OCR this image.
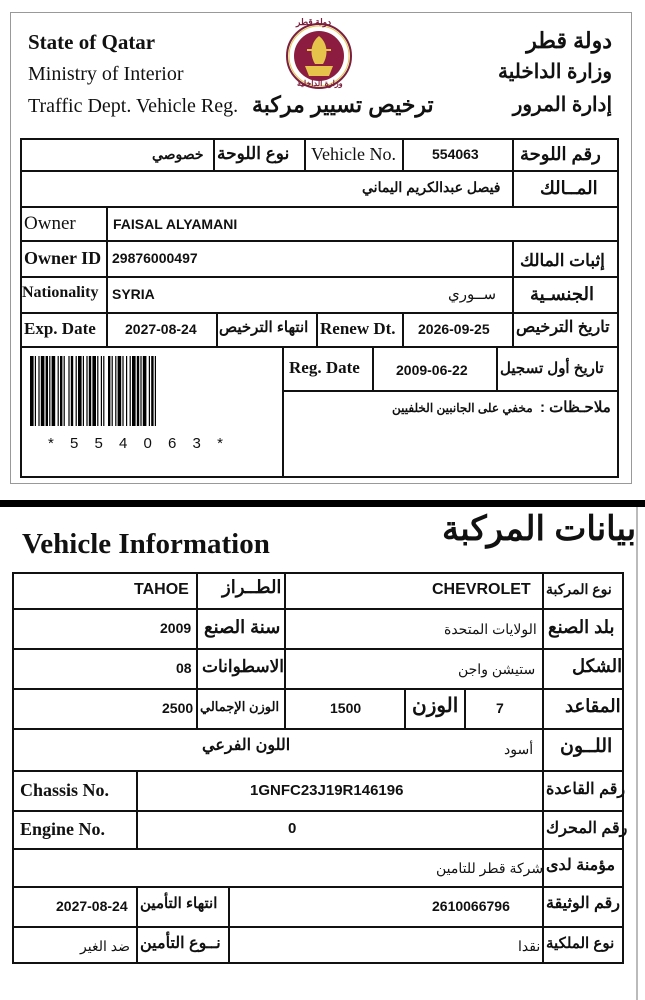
State of Qatar
Ministry of Interior
Traffic Dept. Vehicle Reg. ترخيص تسيير مركبة
دولة قطر
وزارة الداخلية
دولة قطر
وزارة الداخلية
إدارة المرور
خصوصي نوع اللوحة Vehicle No.	554063 رقم اللوحة
فيصل عبدالكريم اليماني المــالك
Owner	FAISAL ALYAMANI
Owner ID 29876000497	إثبات المالك
Nationality SYRIA	ســوري الجنسـية
Exp. Date 2027-08-24 انتهاء الترخيص Renew Dt. 2026-09-25 تاريخ الترخيص
* 5 5 4 0 6 3 *
Reg. Date	2009-06-22 تاريخ أول تسجيل
ملاحـظات :
مخفي على الجانبين الخلفيين
Vehicle Information	بيانات المركبة
TAHOE الطــراز	CHEVROLET نوع المركبة
2009 سنة الصنع	الولايات المتحدة بلد الصنع
08 الاسطوانات	ستيشن واجن الشكل
2500 الوزن الإجمالي	1500	الوزن	7	المقاعد
اللون الفرعي	أسود اللــون
Chassis No.	1GNFC23J19R146196	رقم القاعدة
Engine No.	0	رقم المحرك
شركة قطر للتامين مؤمنة لدى
2027-08-24 انتهاء التأمين	2610066796 رقم الوثيقة
ضد الغير نــوع التأمين	نقدا نوع الملكية
